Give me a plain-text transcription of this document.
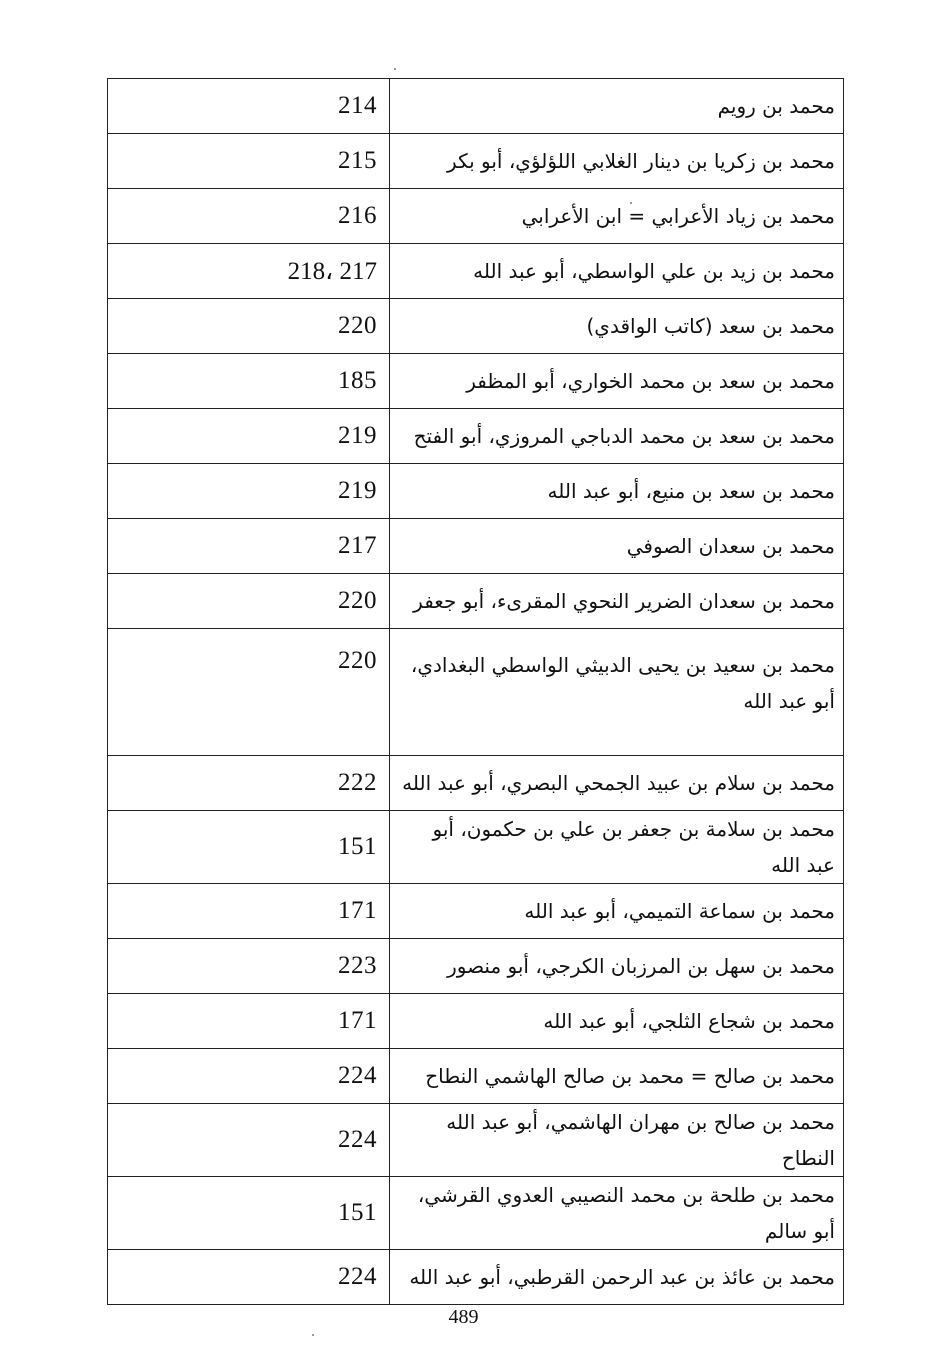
214	محمد بن رويم
215	محمد بن زكريا بن دينار الغلابي اللؤلؤي، أبو بكر
216	محمد بن زياد الأعرابي = ابن الأعرابي
218، 217	محمد بن زيد بن علي الواسطي، أبو عبد الله
220	محمد بن سعد (كاتب الواقدي)
185	محمد بن سعد بن محمد الخواري، أبو المظفر
219	محمد بن سعد بن محمد الدباجي المروزي، أبو الفتح
219	محمد بن سعد بن منيع، أبو عبد الله
217	محمد بن سعدان الصوفي
220	محمد بن سعدان الضرير النحوي المقرىء، أبو جعفر
220	محمد بن سعيد بن يحيى الدبيثي الواسطي البغدادي، أبو عبد الله
222	محمد بن سلام بن عبيد الجمحي البصري، أبو عبد الله
151	محمد بن سلامة بن جعفر بن علي بن حكمون، أبو عبد الله
171	محمد بن سماعة التميمي، أبو عبد الله
223	محمد بن سهل بن المرزبان الكرجي، أبو منصور
171	محمد بن شجاع الثلجي، أبو عبد الله
224	محمد بن صالح = محمد بن صالح الهاشمي النطاح
224	محمد بن صالح بن مهران الهاشمي، أبو عبد الله النطاح
151	محمد بن طلحة بن محمد النصيبي العدوي القرشي، أبو سالم
224	محمد بن عائذ بن عبد الرحمن القرطبي، أبو عبد الله
489
